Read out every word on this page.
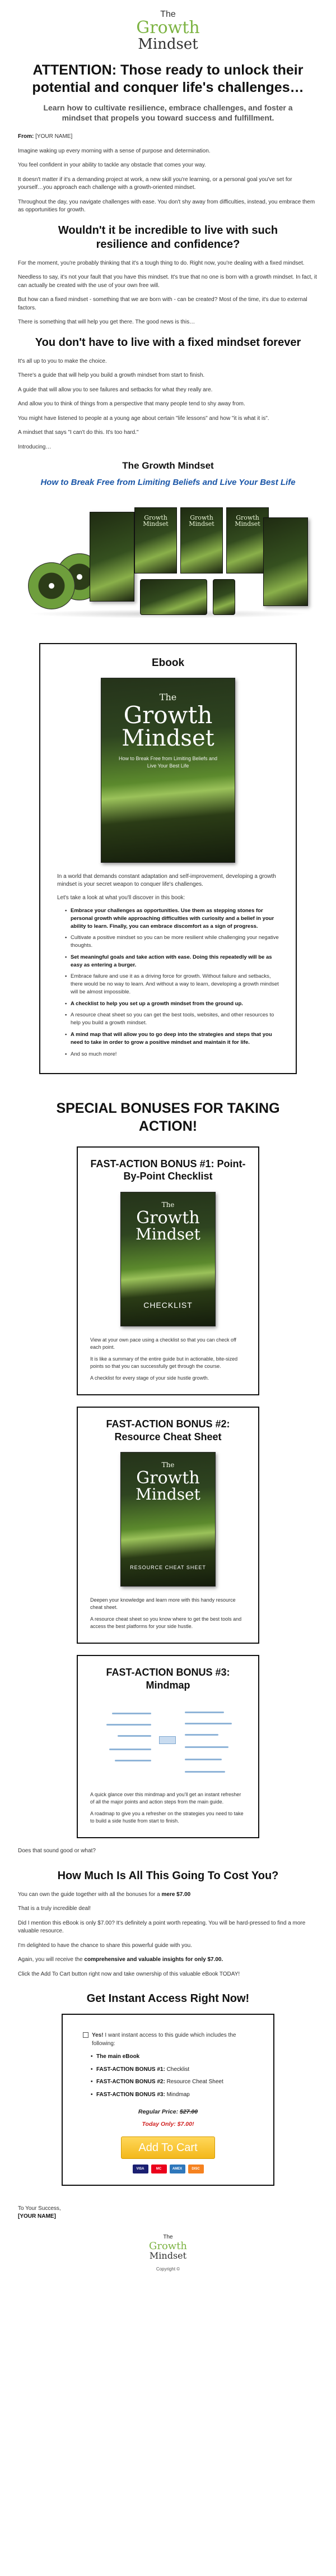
The
Growth
Mindset
ATTENTION: Those ready to unlock their potential and conquer life's challenges…
Learn how to cultivate resilience, embrace challenges, and foster a mindset that propels you toward success and fulfillment.

From: [YOUR NAME]

Imagine waking up every morning with a sense of purpose and determination.

You feel confident in your ability to tackle any obstacle that comes your way.

It doesn't matter if it's a demanding project at work, a new skill you're learning, or a personal goal you've set for yourself…you approach each challenge with a growth-oriented mindset.

Throughout the day, you navigate challenges with ease. You don't shy away from difficulties, instead, you embrace them as opportunities for growth.

Wouldn't it be incredible to live with such resilience and confidence?

For the moment, you're probably thinking that it's a tough thing to do. Right now, you're dealing with a fixed mindset.

Needless to say, it's not your fault that you have this mindset. It's true that no one is born with a growth mindset. In fact, it can actually be created with the use of your own free will.

But how can a fixed mindset - something that we are born with - can be created? Most of the time, it's due to external factors.

There is something that will help you get there. The good news is this…

You don't have to live with a fixed mindset forever

It's all up to you to make the choice.

There's a guide that will help you build a growth mindset from start to finish.

A guide that will allow you to see failures and setbacks for what they really are.

And allow you to think of things from a perspective that many people tend to shy away from.

You might have listened to people at a young age about certain "life lessons" and how "it is what it is".

A mindset that says "I can't do this. It's too hard."

Introducing…

The Growth Mindset
How to Break Free from Limiting Beliefs and Live Your Best Life
Growth
Mindset
Growth
Mindset
Growth
Mindset
Ebook
The
Growth
Mindset
How to Break Free from Limiting Beliefs and Live Your Best Life

In a world that demands constant adaptation and self-improvement, developing a growth mindset is your secret weapon to conquer life's challenges.

Let's take a look at what you'll discover in this book:

• Embrace your challenges as opportunities. Use them as stepping stones for personal growth while approaching difficulties with curiosity and a belief in your ability to learn. Finally, you can embrace discomfort as a sign of progress.
• Cultivate a positive mindset so you can be more resilient while challenging your negative thoughts.
• Set meaningful goals and take action with ease. Doing this repeatedly will be as easy as entering a burger.
• Embrace failure and use it as a driving force for growth. Without failure and setbacks, there would be no way to learn. And without a way to learn, developing a growth mindset will be almost impossible.
• A checklist to help you set up a growth mindset from the ground up.
• A resource cheat sheet so you can get the best tools, websites, and other resources to help you build a growth mindset.
• A mind map that will allow you to go deep into the strategies and steps that you need to take in order to grow a positive mindset and maintain it for life.
• And so much more!
SPECIAL BONUSES FOR TAKING ACTION!
FAST-ACTION BONUS #1: Point-By-Point Checklist
The
Growth
Mindset
CHECKLIST

View at your own pace using a checklist so that you can check off each point.

It is like a summary of the entire guide but in actionable, bite-sized points so that you can successfully get through the course.

A checklist for every stage of your side hustle growth.

FAST-ACTION BONUS #2: Resource Cheat Sheet
The
Growth
Mindset
RESOURCE CHEAT SHEET

Deepen your knowledge and learn more with this handy resource cheat sheet.

A resource cheat sheet so you know where to get the best tools and access the best platforms for your side hustle.

FAST-ACTION BONUS #3: Mindmap

A quick glance over this mindmap and you'll get an instant refresher of all the major points and action steps from the main guide.

A roadmap to give you a refresher on the strategies you need to take to build a side hustle from start to finish.

Does that sound good or what?

How Much Is All This Going To Cost You?

You can own the guide together with all the bonuses for a mere $7.00

That is a truly incredible deal!

Did I mention this eBook is only $7.00? It's definitely a point worth repeating. You will be hard-pressed to find a more valuable resource.

I'm delighted to have the chance to share this powerful guide with you.

Again, you will receive the comprehensive and valuable insights for only $7.00.

Click the Add To Cart button right now and take ownership of this valuable eBook TODAY!

Get Instant Access Right Now!
Yes! I want instant access to this guide which includes the following:
• The main eBook
• FAST-ACTION BONUS #1: Checklist
• FAST-ACTION BONUS #2: Resource Cheat Sheet
• FAST-ACTION BONUS #3: Mindmap
Regular Price: $27.00
Today Only: $7.00!
Add To Cart
VISA	MC	AMEX	DISC
To Your Success,
[YOUR NAME]
The
Growth
Mindset
Copyright ©
